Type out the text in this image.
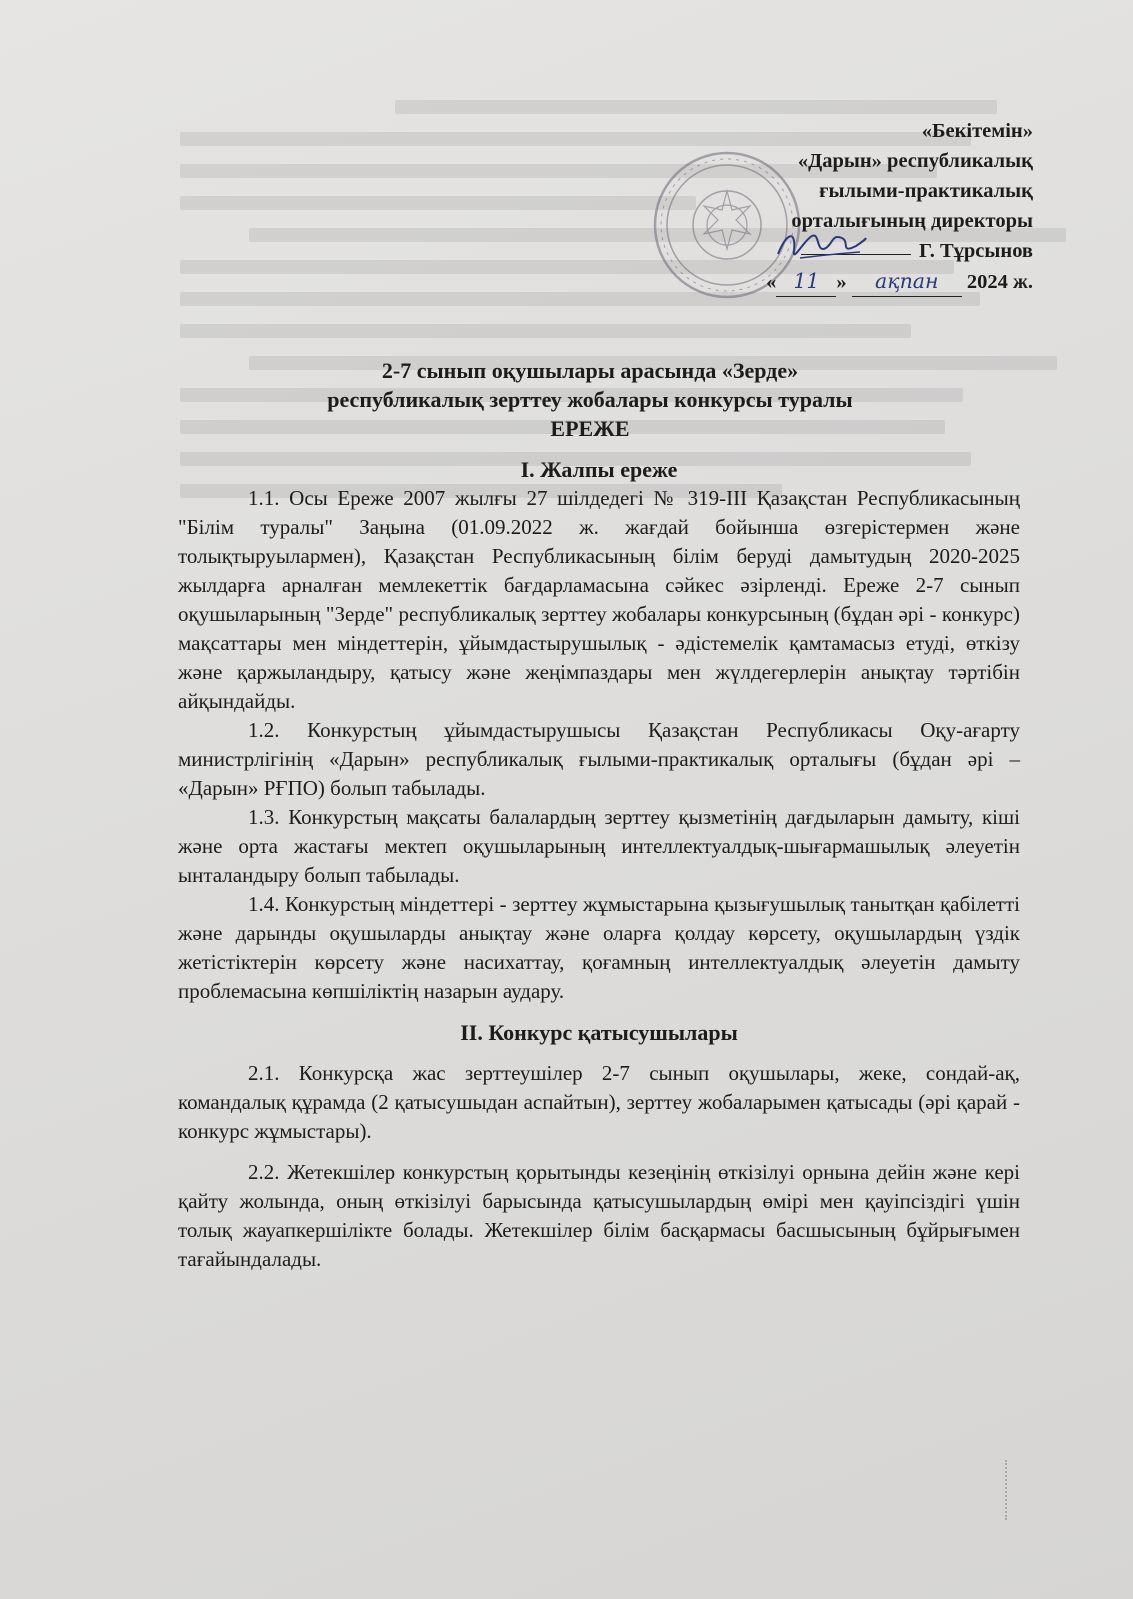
«Бекітемін»
«Дарын» республикалық
ғылыми-практикалық
орталығының директоры
Г. Тұрсынов
« 11 » ақпан 2024 ж.
2-7 сынып оқушылары арасында «Зерде»
республикалық зерттеу жобалары конкурсы туралы
ЕРЕЖЕ
І. Жалпы ереже

1.1. Осы Ереже 2007 жылғы 27 шілдедегі № 319-ІІІ Қазақстан Республикасының "Білім туралы" Заңына (01.09.2022 ж. жағдай бойынша өзгерістермен және толықтыруылармен), Қазақстан Республикасының білім беруді дамытудың 2020-2025 жылдарға арналған мемлекеттік бағдарламасына сәйкес әзірленді. Ереже 2-7 сынып оқушыларының "Зерде" республикалық зерттеу жобалары конкурсының (бұдан әрі - конкурс) мақсаттары мен міндеттерін, ұйымдастырушылық - әдістемелік қамтамасыз етуді, өткізу және қаржыландыру, қатысу және жеңімпаздары мен жүлдегерлерін анықтау тәртібін айқындайды.

1.2. Конкурстың ұйымдастырушысы Қазақстан Республикасы Оқу-ағарту министрлігінің «Дарын» республикалық ғылыми-практикалық орталығы (бұдан әрі – «Дарын» РҒПО) болып табылады.

1.3. Конкурстың мақсаты балалардың зерттеу қызметінің дағдыларын дамыту, кіші және орта жастағы мектеп оқушыларының интеллектуалдық-шығармашылық әлеуетін ынталандыру болып табылады.

1.4. Конкурстың міндеттері - зерттеу жұмыстарына қызығушылық танытқан қабілетті және дарынды оқушыларды анықтау және оларға қолдау көрсету, оқушылардың үздік жетістіктерін көрсету және насихаттау, қоғамның интеллектуалдық әлеуетін дамыту проблемасына көпшіліктің назарын аудару.

ІІ. Конкурс қатысушылары

2.1. Конкурсқа жас зерттеушілер 2-7 сынып оқушылары, жеке, сондай-ақ, командалық құрамда (2 қатысушыдан аспайтын), зерттеу жобаларымен қатысады (әрі қарай - конкурс жұмыстары).

2.2. Жетекшілер конкурстың қорытынды кезеңінің өткізілуі орнына дейін және кері қайту жолында, оның өткізілуі барысында қатысушылардың өмірі мен қауіпсіздігі үшін толық жауапкершілікте болады. Жетекшілер білім басқармасы басшысының бұйрығымен тағайындалады.
